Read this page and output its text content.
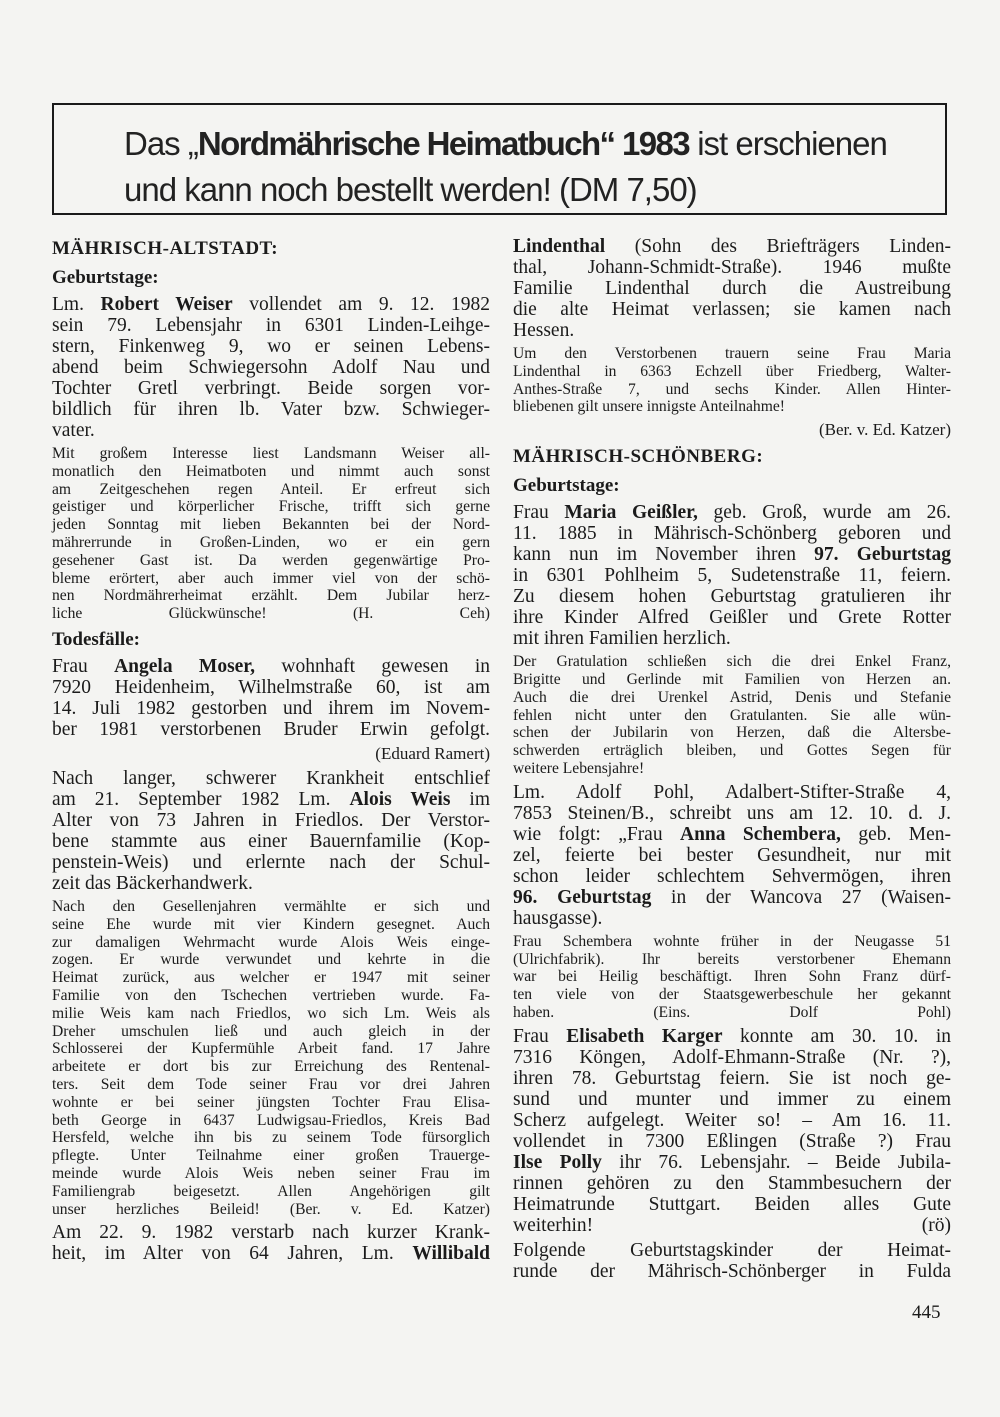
Das „Nordmährische Heimatbuch“ 1983 ist erschienen
und kann noch bestellt werden! (DM 7,50)
MÄHRISCH-ALTSTADT:
Geburtstage:
Lm. Robert Weiser vollendet am 9. 12. 1982
sein 79. Lebensjahr in 6301 Linden-Leihge-
stern, Finkenweg 9, wo er seinen Lebens-
abend beim Schwiegersohn Adolf Nau und
Tochter Gretl verbringt. Beide sorgen vor-
bildlich für ihren lb. Vater bzw. Schwieger-
vater.
Mit großem Interesse liest Landsmann Weiser all-
monatlich den Heimatboten und nimmt auch sonst
am Zeitgeschehen regen Anteil. Er erfreut sich
geistiger und körperlicher Frische, trifft sich gerne
jeden Sonntag mit lieben Bekannten bei der Nord-
mährerrunde in Großen-Linden, wo er ein gern
gesehener Gast ist. Da werden gegenwärtige Pro-
bleme erörtert, aber auch immer viel von der schö-
nen Nordmährerheimat erzählt. Dem Jubilar herz-
liche Glückwünsche! (H. Ceh)
Todesfälle:
Frau Angela Moser, wohnhaft gewesen in
7920 Heidenheim, Wilhelmstraße 60, ist am
14. Juli 1982 gestorben und ihrem im Novem-
ber 1981 verstorbenen Bruder Erwin gefolgt.
(Eduard Ramert)
Nach langer, schwerer Krankheit entschlief
am 21. September 1982 Lm. Alois Weis im
Alter von 73 Jahren in Friedlos. Der Verstor-
bene stammte aus einer Bauernfamilie (Kop-
penstein-Weis) und erlernte nach der Schul-
zeit das Bäckerhandwerk.
Nach den Gesellenjahren vermählte er sich und
seine Ehe wurde mit vier Kindern gesegnet. Auch
zur damaligen Wehrmacht wurde Alois Weis einge-
zogen. Er wurde verwundet und kehrte in die
Heimat zurück, aus welcher er 1947 mit seiner
Familie von den Tschechen vertrieben wurde. Fa-
milie Weis kam nach Friedlos, wo sich Lm. Weis als
Dreher umschulen ließ und auch gleich in der
Schlosserei der Kupfermühle Arbeit fand. 17 Jahre
arbeitete er dort bis zur Erreichung des Rentenal-
ters. Seit dem Tode seiner Frau vor drei Jahren
wohnte er bei seiner jüngsten Tochter Frau Elisa-
beth George in 6437 Ludwigsau-Friedlos, Kreis Bad
Hersfeld, welche ihn bis zu seinem Tode fürsorglich
pflegte. Unter Teilnahme einer großen Trauerge-
meinde wurde Alois Weis neben seiner Frau im
Familiengrab beigesetzt. Allen Angehörigen gilt
unser herzliches Beileid! (Ber. v. Ed. Katzer)
Am 22. 9. 1982 verstarb nach kurzer Krank-
heit, im Alter von 64 Jahren, Lm. Willibald
Lindenthal (Sohn des Briefträgers Linden-
thal, Johann-Schmidt-Straße). 1946 mußte
Familie Lindenthal durch die Austreibung
die alte Heimat verlassen; sie kamen nach
Hessen.
Um den Verstorbenen trauern seine Frau Maria
Lindenthal in 6363 Echzell über Friedberg, Walter-
Anthes-Straße 7, und sechs Kinder. Allen Hinter-
bliebenen gilt unsere innigste Anteilnahme!
(Ber. v. Ed. Katzer)
MÄHRISCH-SCHÖNBERG:
Geburtstage:
Frau Maria Geißler, geb. Groß, wurde am 26.
11. 1885 in Mährisch-Schönberg geboren und
kann nun im November ihren 97. Geburtstag
in 6301 Pohlheim 5, Sudetenstraße 11, feiern.
Zu diesem hohen Geburtstag gratulieren ihr
ihre Kinder Alfred Geißler und Grete Rotter
mit ihren Familien herzlich.
Der Gratulation schließen sich die drei Enkel Franz,
Brigitte und Gerlinde mit Familien von Herzen an.
Auch die drei Urenkel Astrid, Denis und Stefanie
fehlen nicht unter den Gratulanten. Sie alle wün-
schen der Jubilarin von Herzen, daß die Altersbe-
schwerden erträglich bleiben, und Gottes Segen für
weitere Lebensjahre!
Lm. Adolf Pohl, Adalbert-Stifter-Straße 4,
7853 Steinen/B., schreibt uns am 12. 10. d. J.
wie folgt: „Frau Anna Schembera, geb. Men-
zel, feierte bei bester Gesundheit, nur mit
schon leider schlechtem Sehvermögen, ihren
96. Geburtstag in der Wancova 27 (Waisen-
hausgasse).
Frau Schembera wohnte früher in der Neugasse 51
(Ulrichfabrik). Ihr bereits verstorbener Ehemann
war bei Heilig beschäftigt. Ihren Sohn Franz dürf-
ten viele von der Staatsgewerbeschule her gekannt
haben. (Eins. Dolf Pohl)
Frau Elisabeth Karger konnte am 30. 10. in
7316 Köngen, Adolf-Ehmann-Straße (Nr. ?),
ihren 78. Geburtstag feiern. Sie ist noch ge-
sund und munter und immer zu einem
Scherz aufgelegt. Weiter so! – Am 16. 11.
vollendet in 7300 Eßlingen (Straße ?) Frau
Ilse Polly ihr 76. Lebensjahr. – Beide Jubila-
rinnen gehören zu den Stammbesuchern der
Heimatrunde Stuttgart. Beiden alles Gute
weiterhin! (rö)
Folgende Geburtstagskinder der Heimat-
runde der Mährisch-Schönberger in Fulda
445
